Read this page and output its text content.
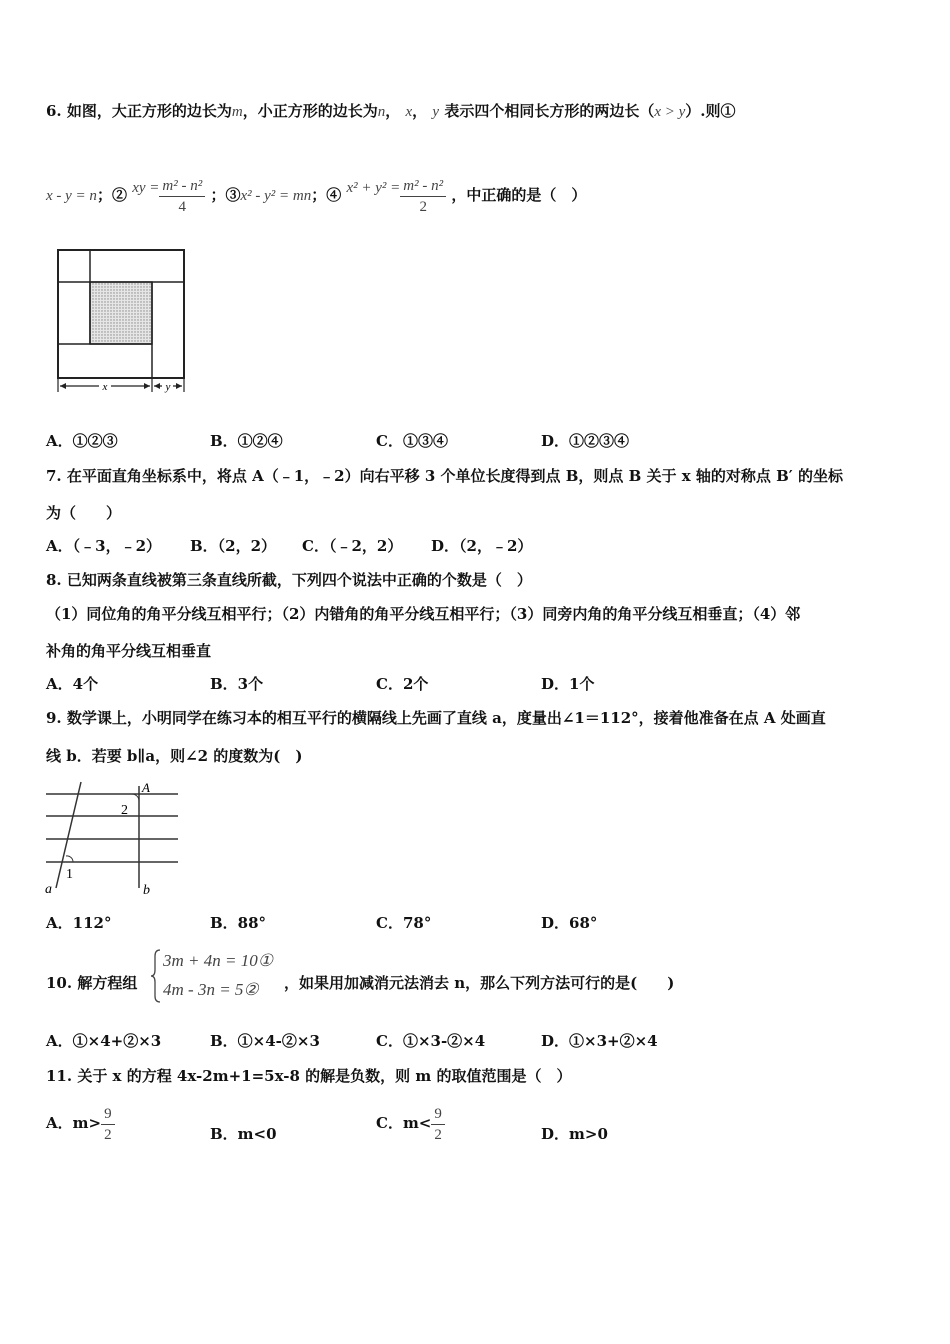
6. 如图，大正方形的边长为m，小正方形的边长为n， x， y 表示四个相同长方形的两边长（x > y）.则①
x - y = n；② xy = $\frac{\text{m² - n²}}{4}$ ；③x² - y² = mn；④ $x^2 + y^2 = \frac{\text{m² - n²}}{2}$ ，中正确的是（　）
x	y
A．①②③	B．①②④	C．①③④	D．①②③④
7. 在平面直角坐标系中，将点 A（﹣1，﹣2）向右平移 3 个单位长度得到点 B，则点 B 关于 x 轴的对称点 B′ 的坐标
为（　　）
A．（﹣3，﹣2） B．（2，2） C．（﹣2，2） D．（2，﹣2）
8. 已知两条直线被第三条直线所截，下列四个说法中正确的个数是（　）
（1）同位角的角平分线互相平行；（2）内错角的角平分线互相平行；（3）同旁内角的角平分线互相垂直；（4）邻
补角的角平分线互相垂直
A．4个	B．3个	C．2个	D．1个
9. 数学课上，小明同学在练习本的相互平行的横隔线上先画了直线 a，度量出∠1＝112°，接着他准备在点 A 处画直
线 b．若要 b∥a，则∠2 的度数为(　)
A
2
1
a	b
A．112°	B．88°	C．78°	D．68°
10. 解方程组
3m + 4n = 10①
4m - 3n = 5② ，如果用加减消元法消去 n，那么下列方法可行的是(　　)
A．①×4+②×3	B．①×4-②×3	C．①×3-②×4	D．①×3+②×4
11. 关于 x 的方程 4x-2m+1=5x-8 的解是负数，则 m 的取值范围是（　）
A．$m> \frac{9}{2}$	B．m<0
C．$m< \frac{9}{2}$	D．m>0
